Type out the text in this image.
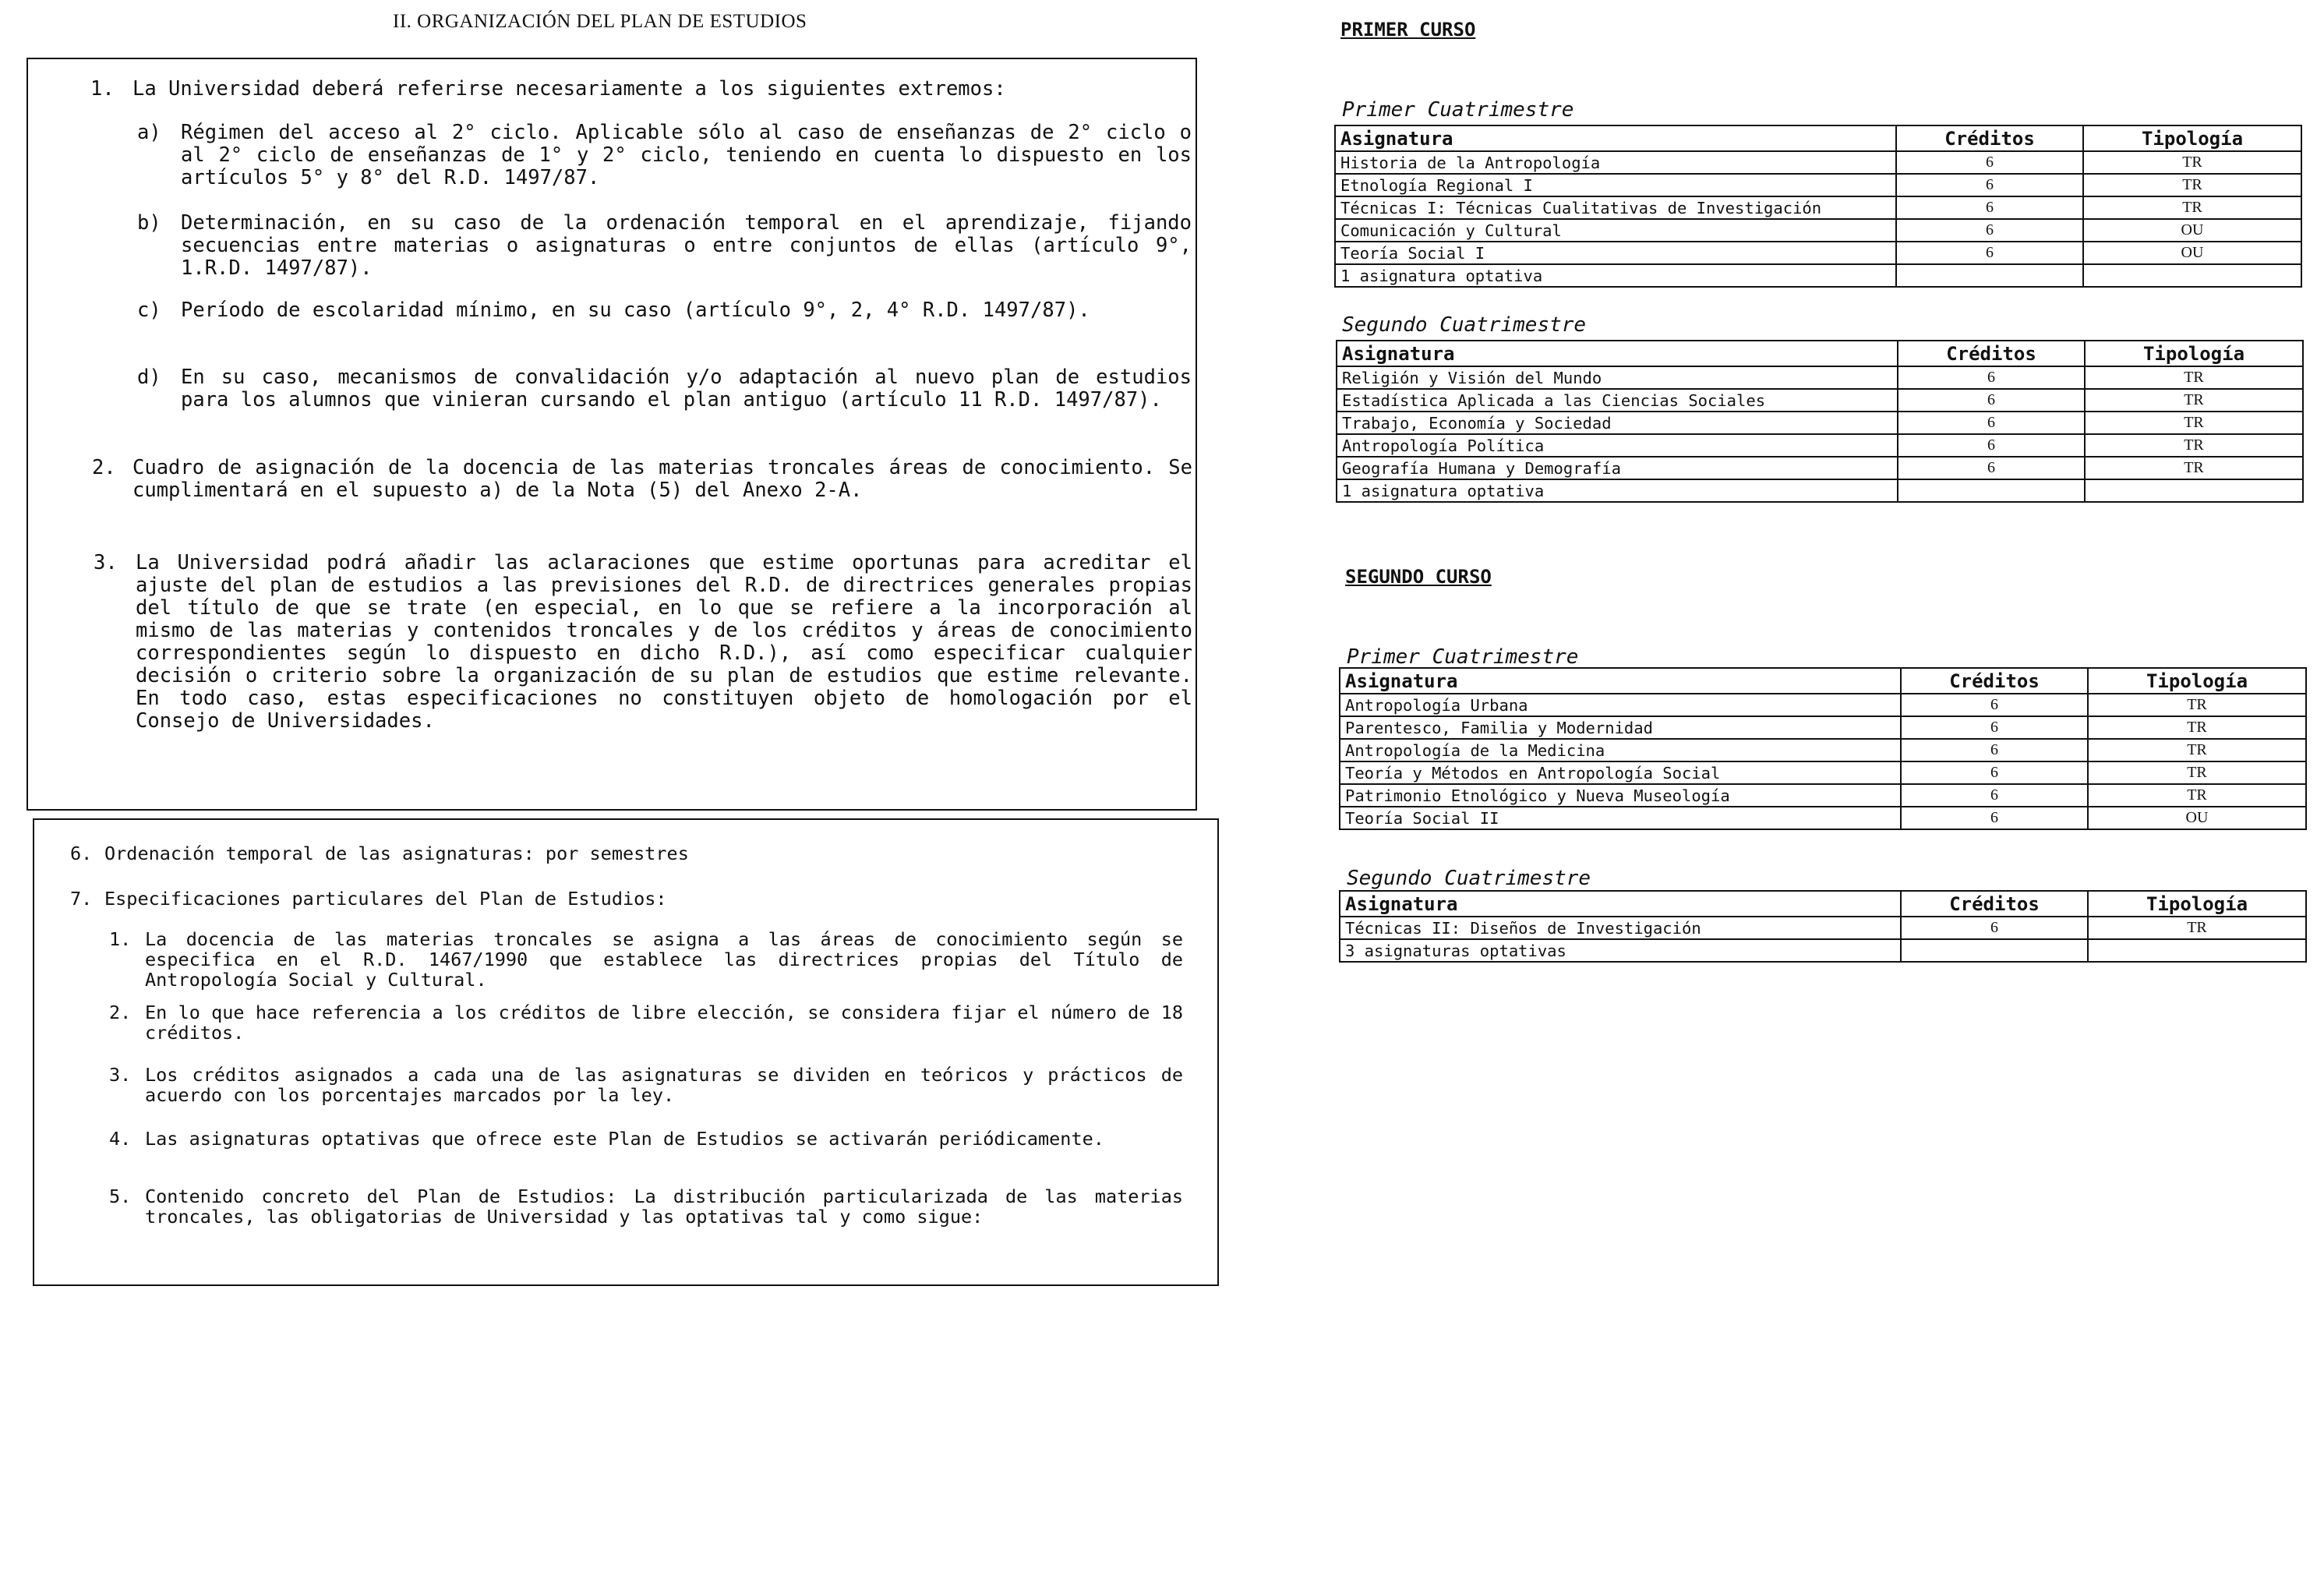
II. ORGANIZACIÓN DEL PLAN DE ESTUDIOS
1. La Universidad deberá referirse necesariamente a los siguientes extremos:
a) Régimen del acceso al 2° ciclo. Aplicable sólo al caso de enseñanzas de 2° ciclo o al 2° ciclo de enseñanzas de 1° y 2° ciclo, teniendo en cuenta lo dispuesto en los artículos 5° y 8° del R.D. 1497/87.
b) Determinación, en su caso de la ordenación temporal en el aprendizaje, fijando secuencias entre materias o asignaturas o entre conjuntos de ellas (artículo 9°, 1.R.D. 1497/87).
c) Período de escolaridad mínimo, en su caso (artículo 9°, 2, 4° R.D. 1497/87).
d) En su caso, mecanismos de convalidación y/o adaptación al nuevo plan de estudios para los alumnos que vinieran cursando el plan antiguo (artículo 11 R.D. 1497/87).
2. Cuadro de asignación de la docencia de las materias troncales áreas de conocimiento. Se cumplimentará en el supuesto a) de la Nota (5) del Anexo 2-A.
3. La Universidad podrá añadir las aclaraciones que estime oportunas para acreditar el ajuste del plan de estudios a las previsiones del R.D. de directrices generales propias del título de que se trate (en especial, en lo que se refiere a la incorporación al mismo de las materias y contenidos troncales y de los créditos y áreas de conocimiento correspondientes según lo dispuesto en dicho R.D.), así como especificar cualquier decisión o criterio sobre la organización de su plan de estudios que estime relevante. En todo caso, estas especificaciones no constituyen objeto de homologación por el Consejo de Universidades.
6. Ordenación temporal de las asignaturas: por semestres
7. Especificaciones particulares del Plan de Estudios:
1. La docencia de las materias troncales se asigna a las áreas de conocimiento según se especifica en el R.D. 1467/1990 que establece las directrices propias del Título de Antropología Social y Cultural.
2. En lo que hace referencia a los créditos de libre elección, se considera fijar el número de 18 créditos.
3. Los créditos asignados a cada una de las asignaturas se dividen en teóricos y prácticos de acuerdo con los porcentajes marcados por la ley.
4. Las asignaturas optativas que ofrece este Plan de Estudios se activarán periódicamente.
5. Contenido concreto del Plan de Estudios: La distribución particularizada de las materias troncales, las obligatorias de Universidad y las optativas tal y como sigue:
PRIMER CURSO
Primer Cuatrimestre
Asignatura	Créditos	Tipología
Historia de la Antropología	6	TR
Etnología Regional I	6	TR
Técnicas I: Técnicas Cualitativas de Investigación	6	TR
Comunicación y Cultural	6	OU
Teoría Social I	6	OU
1 asignatura optativa		
Segundo Cuatrimestre
Asignatura	Créditos	Tipología
Religión y Visión del Mundo	6	TR
Estadística Aplicada a las Ciencias Sociales	6	TR
Trabajo, Economía y Sociedad	6	TR
Antropología Política	6	TR
Geografía Humana y Demografía	6	TR
1 asignatura optativa		
SEGUNDO CURSO
Primer Cuatrimestre
Asignatura	Créditos	Tipología
Antropología Urbana	6	TR
Parentesco, Familia y Modernidad	6	TR
Antropología de la Medicina	6	TR
Teoría y Métodos en Antropología Social	6	TR
Patrimonio Etnológico y Nueva Museología	6	TR
Teoría Social II	6	OU
Segundo Cuatrimestre
Asignatura	Créditos	Tipología
Técnicas II: Diseños de Investigación	6	TR
3 asignaturas optativas		
